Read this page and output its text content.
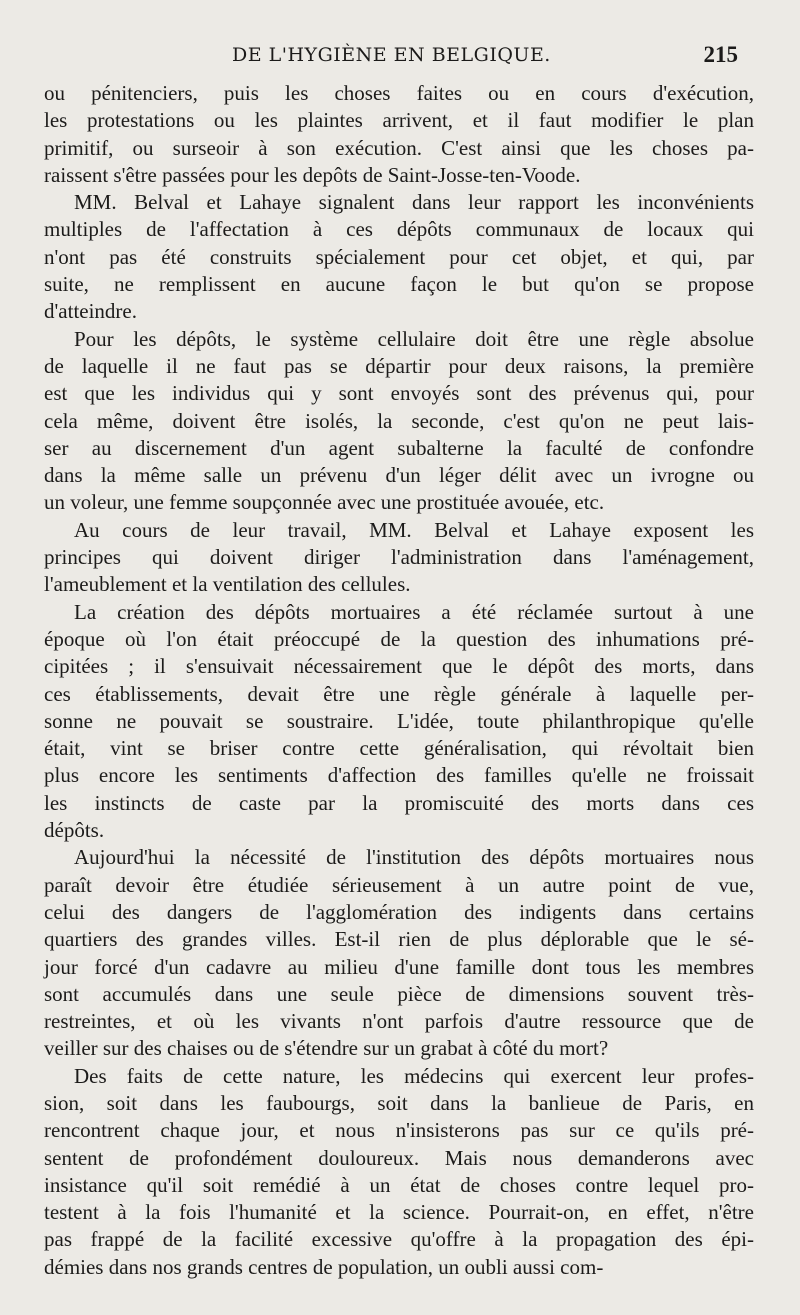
DE L'HYGIÈNE EN BELGIQUE.	215

ou pénitenciers, puis les choses faites ou en cours d'exécution,
les protestations ou les plaintes arrivent, et il faut modifier le plan
primitif, ou surseoir à son exécution. C'est ainsi que les choses pa-
raissent s'être passées pour les depôts de Saint-Josse-ten-Voode.

MM. Belval et Lahaye signalent dans leur rapport les inconvénients
multiples de l'affectation à ces dépôts communaux de locaux qui
n'ont pas été construits spécialement pour cet objet, et qui, par
suite, ne remplissent en aucune façon le but qu'on se propose
d'atteindre.

Pour les dépôts, le système cellulaire doit être une règle absolue
de laquelle il ne faut pas se départir pour deux raisons, la première
est que les individus qui y sont envoyés sont des prévenus qui, pour
cela même, doivent être isolés, la seconde, c'est qu'on ne peut lais-
ser au discernement d'un agent subalterne la faculté de confondre
dans la même salle un prévenu d'un léger délit avec un ivrogne ou
un voleur, une femme soupçonnée avec une prostituée avouée, etc.

Au cours de leur travail, MM. Belval et Lahaye exposent les
principes qui doivent diriger l'administration dans l'aménagement,
l'ameublement et la ventilation des cellules.

La création des dépôts mortuaires a été réclamée surtout à une
époque où l'on était préoccupé de la question des inhumations pré-
cipitées ; il s'ensuivait nécessairement que le dépôt des morts, dans
ces établissements, devait être une règle générale à laquelle per-
sonne ne pouvait se soustraire. L'idée, toute philanthropique qu'elle
était, vint se briser contre cette généralisation, qui révoltait bien
plus encore les sentiments d'affection des familles qu'elle ne froissait
les instincts de caste par la promiscuité des morts dans ces
dépôts.

Aujourd'hui la nécessité de l'institution des dépôts mortuaires nous
paraît devoir être étudiée sérieusement à un autre point de vue,
celui des dangers de l'agglomération des indigents dans certains
quartiers des grandes villes. Est-il rien de plus déplorable que le sé-
jour forcé d'un cadavre au milieu d'une famille dont tous les membres
sont accumulés dans une seule pièce de dimensions souvent très-
restreintes, et où les vivants n'ont parfois d'autre ressource que de
veiller sur des chaises ou de s'étendre sur un grabat à côté du mort?

Des faits de cette nature, les médecins qui exercent leur profes-
sion, soit dans les faubourgs, soit dans la banlieue de Paris, en
rencontrent chaque jour, et nous n'insisterons pas sur ce qu'ils pré-
sentent de profondément douloureux. Mais nous demanderons avec
insistance qu'il soit remédié à un état de choses contre lequel pro-
testent à la fois l'humanité et la science. Pourrait-on, en effet, n'être
pas frappé de la facilité excessive qu'offre à la propagation des épi-
démies dans nos grands centres de population, un oubli aussi com-
